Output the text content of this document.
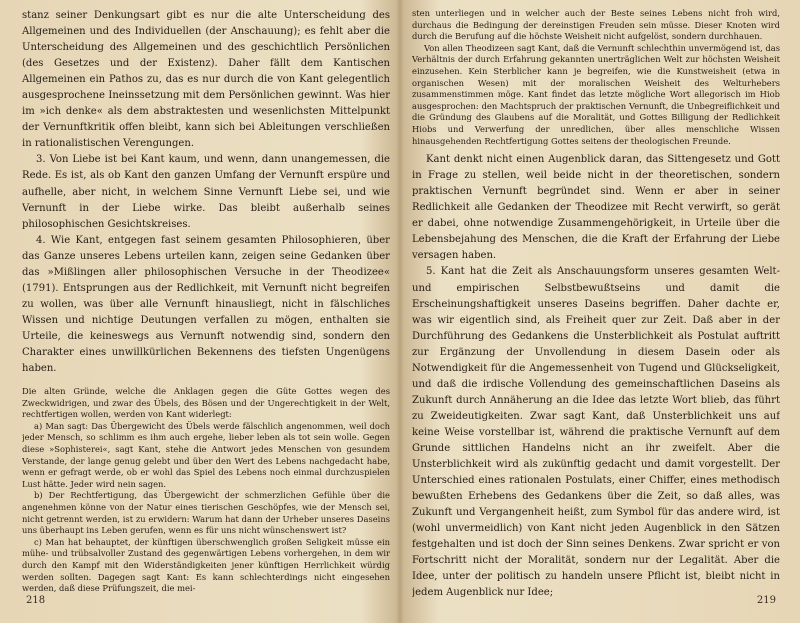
stanz seiner Denkungsart gibt es nur die alte Unterscheidung des Allgemeinen und des Individuellen (der Anschauung); es fehlt aber die Unterscheidung des Allgemeinen und des geschichtlich Persönlichen (des Gesetzes und der Existenz). Daher fällt dem Kantischen Allgemeinen ein Pathos zu, das es nur durch die von Kant gelegentlich ausgesprochene Ineinssetzung mit dem Persönlichen gewinnt. Was hier im »ich denke« als dem abstraktesten und wesenlichsten Mittelpunkt der Vernunftkritik offen bleibt, kann sich bei Ableitungen verschließen in rationalistischen Verengungen.

3. Von Liebe ist bei Kant kaum, und wenn, dann unangemessen, die Rede. Es ist, als ob Kant den ganzen Umfang der Vernunft erspüre und aufhelle, aber nicht, in welchem Sinne Vernunft Liebe sei, und wie Vernunft in der Liebe wirke. Das bleibt außerhalb seines philosophischen Gesichtskreises.

4. Wie Kant, entgegen fast seinem gesamten Philosophieren, über das Ganze unseres Lebens urteilen kann, zeigen seine Gedanken über das »Mißlingen aller philosophischen Versuche in der Theodizee« (1791). Entsprungen aus der Redlichkeit, mit Vernunft nicht begreifen zu wollen, was über alle Vernunft hinausliegt, nicht in fälschliches Wissen und nichtige Deutungen verfallen zu mögen, enthalten sie Urteile, die keineswegs aus Vernunft notwendig sind, sondern den Charakter eines unwillkürlichen Bekennens des tiefsten Ungenügens haben.

Die alten Gründe, welche die Anklagen gegen die Güte Gottes wegen des Zweckwidrigen, und zwar des Übels, des Bösen und der Ungerechtigkeit in der Welt, rechtfertigen wollen, werden von Kant widerlegt:

a) Man sagt: Das Übergewicht des Übels werde fälschlich angenommen, weil doch jeder Mensch, so schlimm es ihm auch ergehe, lieber leben als tot sein wolle. Gegen diese »Sophisterei«, sagt Kant, stehe die Antwort jedes Menschen von gesundem Verstande, der lange genug gelebt und über den Wert des Lebens nachgedacht habe, wenn er gefragt werde, ob er wohl das Spiel des Lebens noch einmal durchzuspielen Lust hätte. Jeder wird nein sagen.

b) Der Rechtfertigung, das Übergewicht der schmerzlichen Gefühle über die angenehmen könne von der Natur eines tierischen Geschöpfes, wie der Mensch sei, nicht getrennt werden, ist zu erwidern: Warum hat dann der Urheber unseres Daseins uns überhaupt ins Leben gerufen, wenn es für uns nicht wünschenswert ist?

c) Man hat behauptet, der künftigen überschwenglich großen Seligkeit müsse ein mühe- und trübsalvoller Zustand des gegenwärtigen Lebens vorhergehen, in dem wir durch den Kampf mit den Widerständigkeiten jener künftigen Herrlichkeit würdig werden sollten. Dagegen sagt Kant: Es kann schlechterdings nicht eingesehen werden, daß diese Prüfungszeit, die mei-

218

sten unterliegen und in welcher auch der Beste seines Lebens nicht froh wird, durchaus die Bedingung der dereinstigen Freuden sein müsse. Dieser Knoten wird durch die Berufung auf die höchste Weisheit nicht aufgelöst, sondern durchhauen.

Von allen Theodizeen sagt Kant, daß die Vernunft schlechthin unvermögend ist, das Verhältnis der durch Erfahrung gekannten unerträglichen Welt zur höchsten Weisheit einzusehen. Kein Sterblicher kann je begreifen, wie die Kunstweisheit (etwa in organischen Wesen) mit der moralischen Weisheit des Welturhebers zusammenstimmen möge. Kant findet das letzte mögliche Wort allegorisch im Hiob ausgesprochen: den Machtspruch der praktischen Vernunft, die Unbegreiflichkeit und die Gründung des Glaubens auf die Moralität, und Gottes Billigung der Redlichkeit Hiobs und Verwerfung der unredlichen, über alles menschliche Wissen hinausgehenden Rechtfertigung Gottes seitens der theologischen Freunde.

Kant denkt nicht einen Augenblick daran, das Sittengesetz und Gott in Frage zu stellen, weil beide nicht in der theoretischen, sondern praktischen Vernunft begründet sind. Wenn er aber in seiner Redlichkeit alle Gedanken der Theodizee mit Recht verwirft, so gerät er dabei, ohne notwendige Zusammengehörigkeit, in Urteile über die Lebensbejahung des Menschen, die die Kraft der Erfahrung der Liebe versagen haben.

5. Kant hat die Zeit als Anschauungsform unseres gesamten Welt- und empirischen Selbstbewußtseins und damit die Erscheinungshaftigkeit unseres Daseins begriffen. Daher dachte er, was wir eigentlich sind, als Freiheit quer zur Zeit. Daß aber in der Durchführung des Gedankens die Unsterblichkeit als Postulat auftritt zur Ergänzung der Unvollendung in diesem Dasein oder als Notwendigkeit für die Angemessenheit von Tugend und Glückseligkeit, und daß die irdische Vollendung des gemeinschaftlichen Daseins als Zukunft durch Annäherung an die Idee das letzte Wort blieb, das führt zu Zweideutigkeiten. Zwar sagt Kant, daß Unsterblichkeit uns auf keine Weise vorstellbar ist, während die praktische Vernunft auf dem Grunde sittlichen Handelns nicht an ihr zweifelt. Aber die Unsterblichkeit wird als zukünftig gedacht und damit vorgestellt. Der Unterschied eines rationalen Postulats, einer Chiffer, eines methodisch bewußten Erhebens des Gedankens über die Zeit, so daß alles, was Zukunft und Vergangenheit heißt, zum Symbol für das andere wird, ist (wohl unvermeidlich) von Kant nicht jeden Augenblick in den Sätzen festgehalten und ist doch der Sinn seines Denkens. Zwar spricht er von Fortschritt nicht der Moralität, sondern nur der Legalität. Aber die Idee, unter der politisch zu handeln unsere Pflicht ist, bleibt nicht in jedem Augenblick nur Idee;

219
